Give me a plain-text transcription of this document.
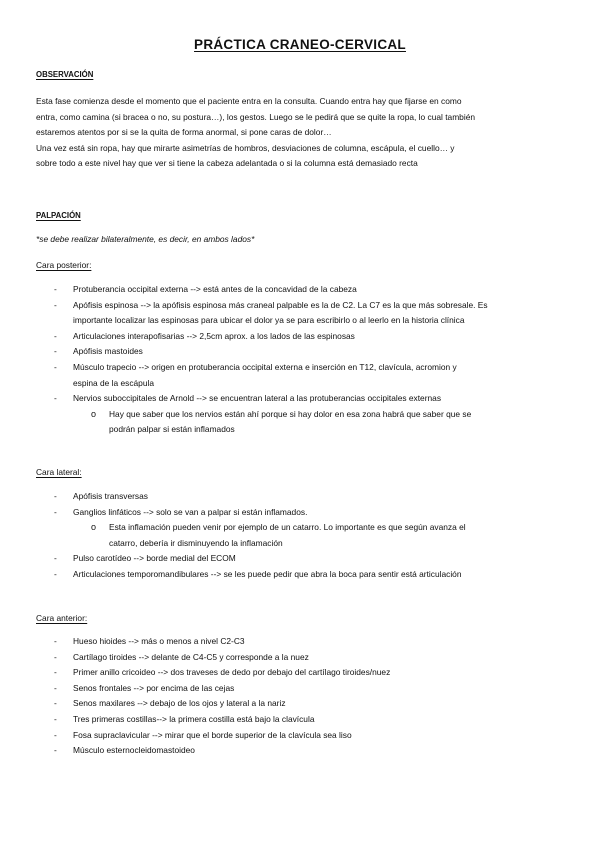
PRÁCTICA CRANEO-CERVICAL
OBSERVACIÓN
Esta fase comienza desde el momento que el paciente entra en la consulta. Cuando entra hay que fijarse en como
entra, como camina (si bracea o no, su postura…), los gestos. Luego se le pedirá que se quite la ropa, lo cual también
estaremos atentos por si se la quita de forma anormal, si pone caras de dolor…
Una vez está sin ropa, hay que mirarte asimetrías de hombros, desviaciones de columna, escápula, el cuello… y
sobre todo a este nivel hay que ver si tiene la cabeza adelantada o si la columna está demasiado recta
PALPACIÓN
*se debe realizar bilateralmente, es decir, en ambos lados*
Cara posterior:
- Protuberancia occipital externa --> está antes de la concavidad de la cabeza
- Apófisis espinosa --> la apófisis espinosa más craneal palpable es la de C2. La C7 es la que más sobresale. Es
importante localizar las espinosas para ubicar el dolor ya se para escribirlo o al leerlo en la historia clínica
- Articulaciones interapofisarias --> 2,5cm aprox. a los lados de las espinosas
- Apófisis mastoides
- Músculo trapecio --> origen en protuberancia occipital externa e inserción en T12, clavícula, acromion y
espina de la escápula
- Nervios suboccipitales de Arnold --> se encuentran lateral a las protuberancias occipitales externas
o Hay que saber que los nervios están ahí porque si hay dolor en esa zona habrá que saber que se
podrán palpar si están inflamados
Cara lateral:
- Apófisis transversas
- Ganglios linfáticos --> solo se van a palpar si están inflamados.
o Esta inflamación pueden venir por ejemplo de un catarro. Lo importante es que según avanza el
catarro, debería ir disminuyendo la inflamación
- Pulso carotídeo --> borde medial del ECOM
- Articulaciones temporomandibulares --> se les puede pedir que abra la boca para sentir está articulación
Cara anterior:
- Hueso hioides --> más o menos a nivel C2-C3
- Cartílago tiroides --> delante de C4-C5 y corresponde a la nuez
- Primer anillo cricoideo --> dos traveses de dedo por debajo del cartílago tiroides/nuez
- Senos frontales --> por encima de las cejas
- Senos maxilares --> debajo de los ojos y lateral a la nariz
- Tres primeras costillas--> la primera costilla está bajo la clavícula
- Fosa supraclavicular --> mirar que el borde superior de la clavícula sea liso
- Músculo esternocleidomastoideo
